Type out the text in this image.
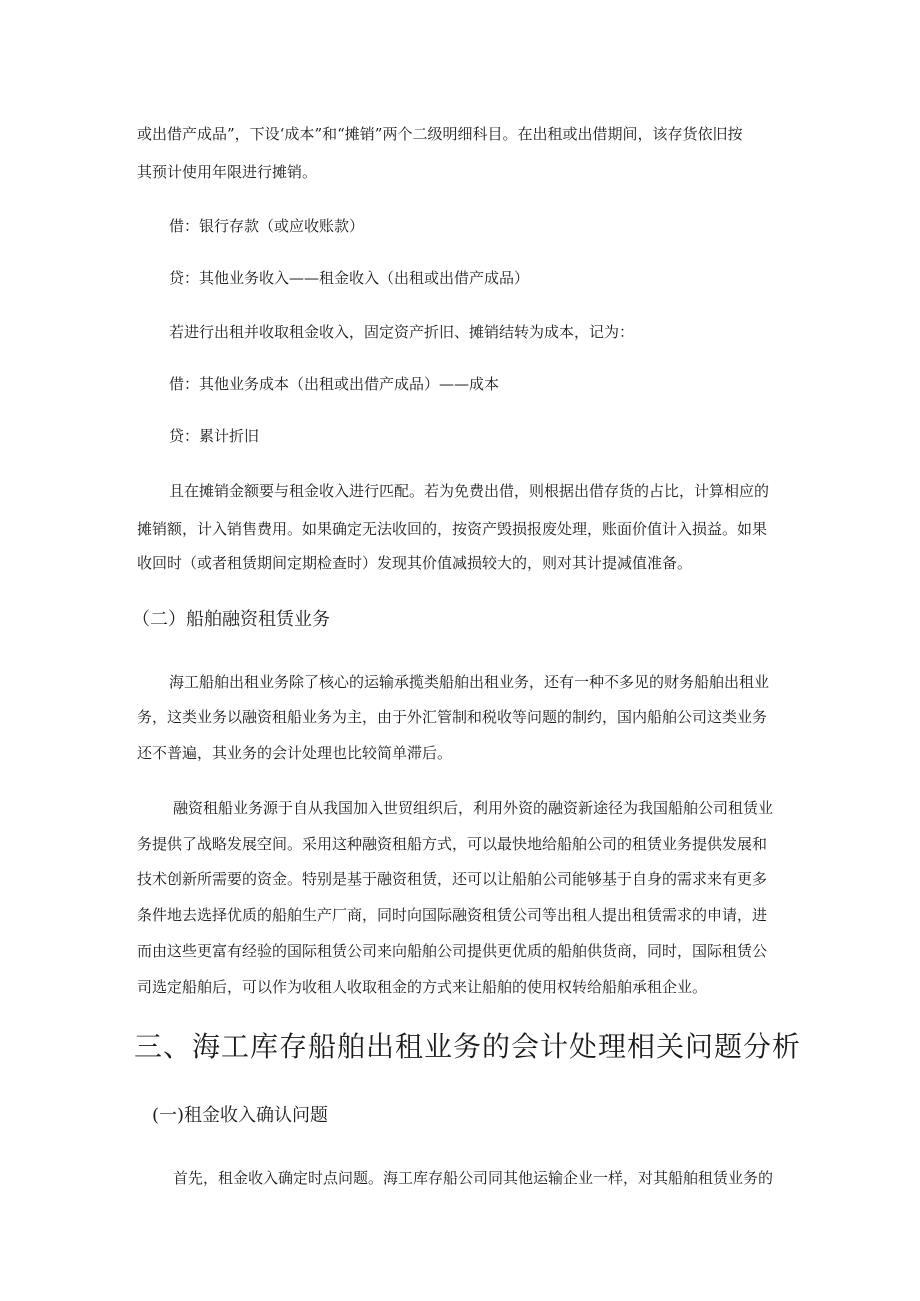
或出借产成品”，下设‘成本”和“摊销”两个二级明细科目。在出租或出借期间，该存货依旧按
其预计使用年限进行摊销。
借：银行存款（或应收账款）
贷：其他业务收入——租金收入（出租或出借产成品）
若进行出租并收取租金收入，固定资产折旧、摊销结转为成本，记为：
借：其他业务成本（出租或出借产成品）——成本
贷：累计折旧
且在摊销金额要与租金收入进行匹配。若为免费出借，则根据出借存货的占比，计算相应的
摊销额，计入销售费用。如果确定无法收回的，按资产毁损报废处理，账面价值计入损益。如果
收回时（或者租赁期间定期检查时）发现其价值减损较大的，则对其计提减值准备。
（二）船舶融资租赁业务
海工船舶出租业务除了核心的运输承揽类船舶出租业务，还有一种不多见的财务船舶出租业
务，这类业务以融资租船业务为主，由于外汇管制和税收等问题的制约，国内船舶公司这类业务
还不普遍，其业务的会计处理也比较简单滞后。
融资租船业务源于自从我国加入世贸组织后，利用外资的融资新途径为我国船舶公司租赁业
务提供了战略发展空间。采用这种融资租船方式，可以最快地给船舶公司的租赁业务提供发展和
技术创新所需要的资金。特别是基于融资租赁，还可以让船舶公司能够基于自身的需求来有更多
条件地去选择优质的船舶生产厂商，同时向国际融资租赁公司等出租人提出租赁需求的申请，进
而由这些更富有经验的国际租赁公司来向船舶公司提供更优质的船舶供货商，同时，国际租赁公
司选定船舶后，可以作为收租人收取租金的方式来让船舶的使用权转给船舶承租企业。
三、海工库存船舶出租业务的会计处理相关问题分析
(一)租金收入确认问题
首先，租金收入确定时点问题。海工库存船公司同其他运输企业一样，对其船舶租赁业务的
